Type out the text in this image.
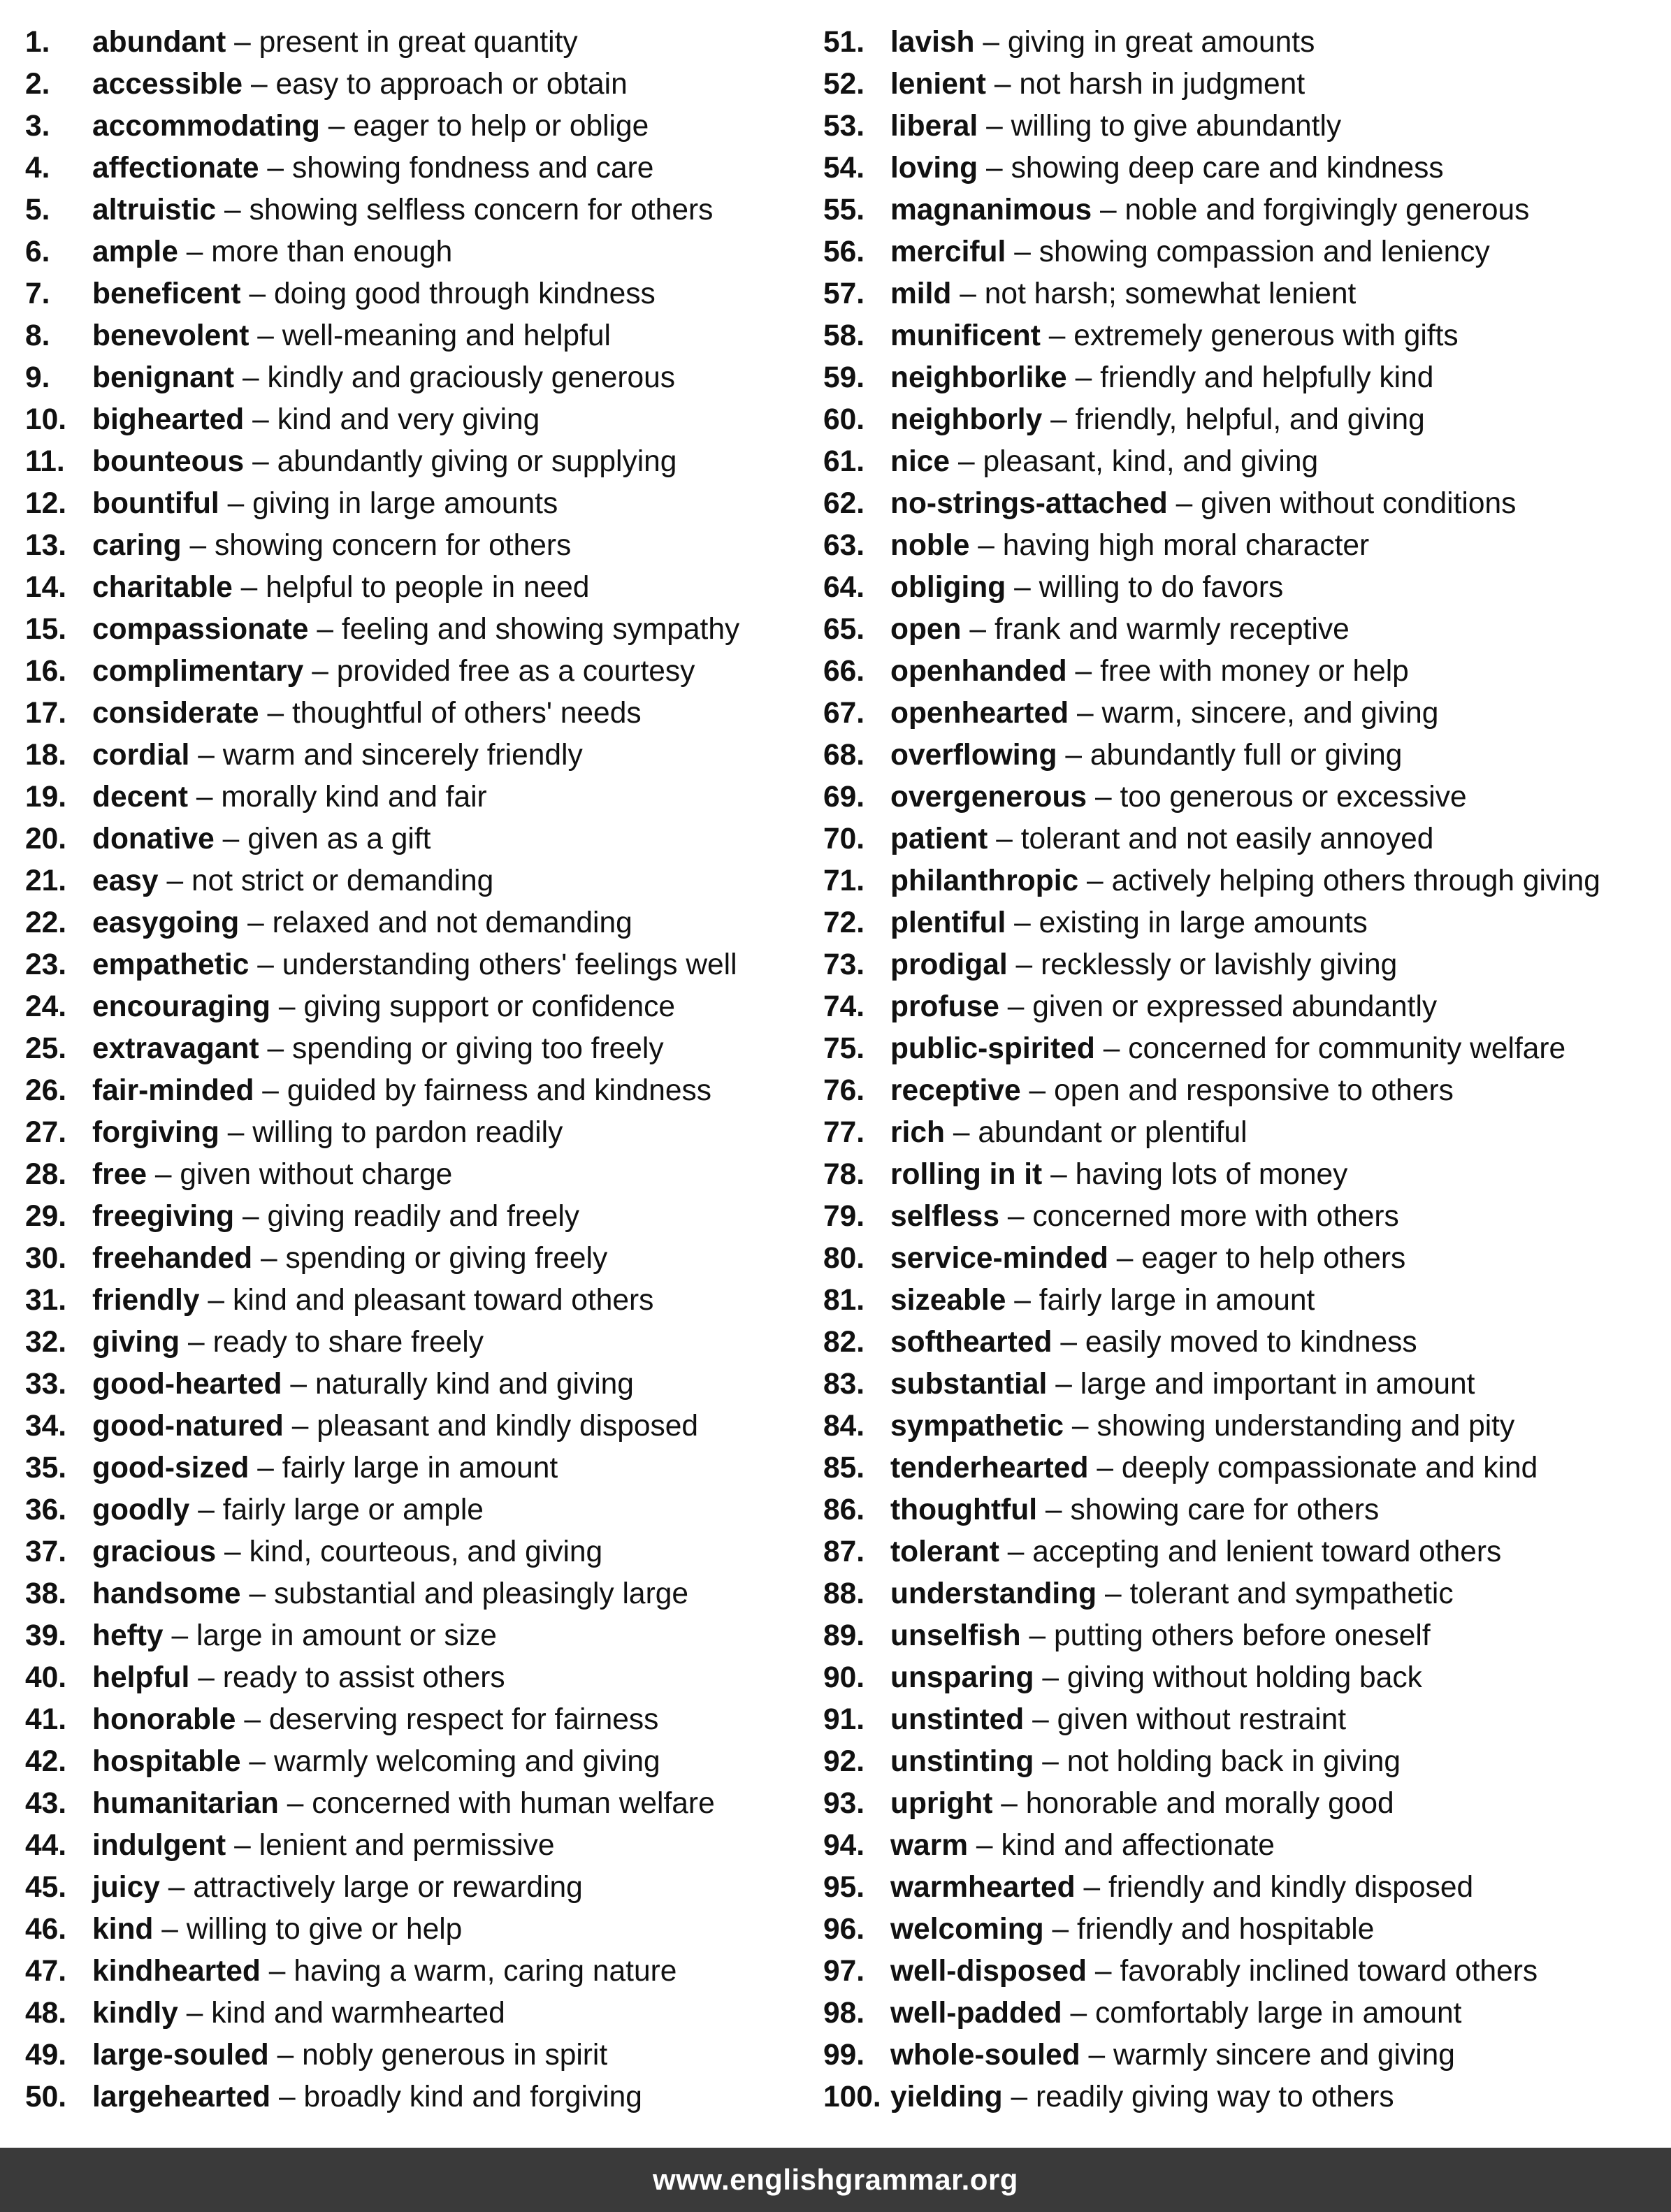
1.	abundant – present in great quantity
2.	accessible – easy to approach or obtain
3.	accommodating – eager to help or oblige
4.	affectionate – showing fondness and care
5.	altruistic – showing selfless concern for others
6.	ample – more than enough
7.	beneficent – doing good through kindness
8.	benevolent – well-meaning and helpful
9.	benignant – kindly and graciously generous
10. bighearted – kind and very giving
11. bounteous – abundantly giving or supplying
12. bountiful – giving in large amounts
13. caring – showing concern for others
14. charitable – helpful to people in need
15. compassionate – feeling and showing sympathy
16. complimentary – provided free as a courtesy
17. considerate – thoughtful of others' needs
18. cordial – warm and sincerely friendly
19. decent – morally kind and fair
20. donative – given as a gift
21. easy – not strict or demanding
22. easygoing – relaxed and not demanding
23. empathetic – understanding others' feelings well
24. encouraging – giving support or confidence
25. extravagant – spending or giving too freely
26. fair-minded – guided by fairness and kindness
27. forgiving – willing to pardon readily
28. free – given without charge
29. freegiving – giving readily and freely
30. freehanded – spending or giving freely
31. friendly – kind and pleasant toward others
32. giving – ready to share freely
33. good-hearted – naturally kind and giving
34. good-natured – pleasant and kindly disposed
35. good-sized – fairly large in amount
36. goodly – fairly large or ample
37. gracious – kind, courteous, and giving
38. handsome – substantial and pleasingly large
39. hefty – large in amount or size
40. helpful – ready to assist others
41. honorable – deserving respect for fairness
42. hospitable – warmly welcoming and giving
43. humanitarian – concerned with human welfare
44. indulgent – lenient and permissive
45. juicy – attractively large or rewarding
46. kind – willing to give or help
47. kindhearted – having a warm, caring nature
48. kindly – kind and warmhearted
49. large-souled – nobly generous in spirit
50. largehearted – broadly kind and forgiving
51. lavish – giving in great amounts
52. lenient – not harsh in judgment
53. liberal – willing to give abundantly
54. loving – showing deep care and kindness
55. magnanimous – noble and forgivingly generous
56. merciful – showing compassion and leniency
57. mild – not harsh; somewhat lenient
58. munificent – extremely generous with gifts
59. neighborlike – friendly and helpfully kind
60. neighborly – friendly, helpful, and giving
61. nice – pleasant, kind, and giving
62. no-strings-attached – given without conditions
63. noble – having high moral character
64. obliging – willing to do favors
65. open – frank and warmly receptive
66. openhanded – free with money or help
67. openhearted – warm, sincere, and giving
68. overflowing – abundantly full or giving
69. overgenerous – too generous or excessive
70. patient – tolerant and not easily annoyed
71. philanthropic – actively helping others through giving
72. plentiful – existing in large amounts
73. prodigal – recklessly or lavishly giving
74. profuse – given or expressed abundantly
75. public-spirited – concerned for community welfare
76. receptive – open and responsive to others
77. rich – abundant or plentiful
78. rolling in it – having lots of money
79. selfless – concerned more with others
80. service-minded – eager to help others
81. sizeable – fairly large in amount
82. softhearted – easily moved to kindness
83. substantial – large and important in amount
84. sympathetic – showing understanding and pity
85. tenderhearted – deeply compassionate and kind
86. thoughtful – showing care for others
87. tolerant – accepting and lenient toward others
88. understanding – tolerant and sympathetic
89. unselfish – putting others before oneself
90. unsparing – giving without holding back
91. unstinted – given without restraint
92. unstinting – not holding back in giving
93. upright – honorable and morally good
94. warm – kind and affectionate
95. warmhearted – friendly and kindly disposed
96. welcoming – friendly and hospitable
97. well-disposed – favorably inclined toward others
98. well-padded – comfortably large in amount
99. whole-souled – warmly sincere and giving
100. yielding – readily giving way to others
www.englishgrammar.org
